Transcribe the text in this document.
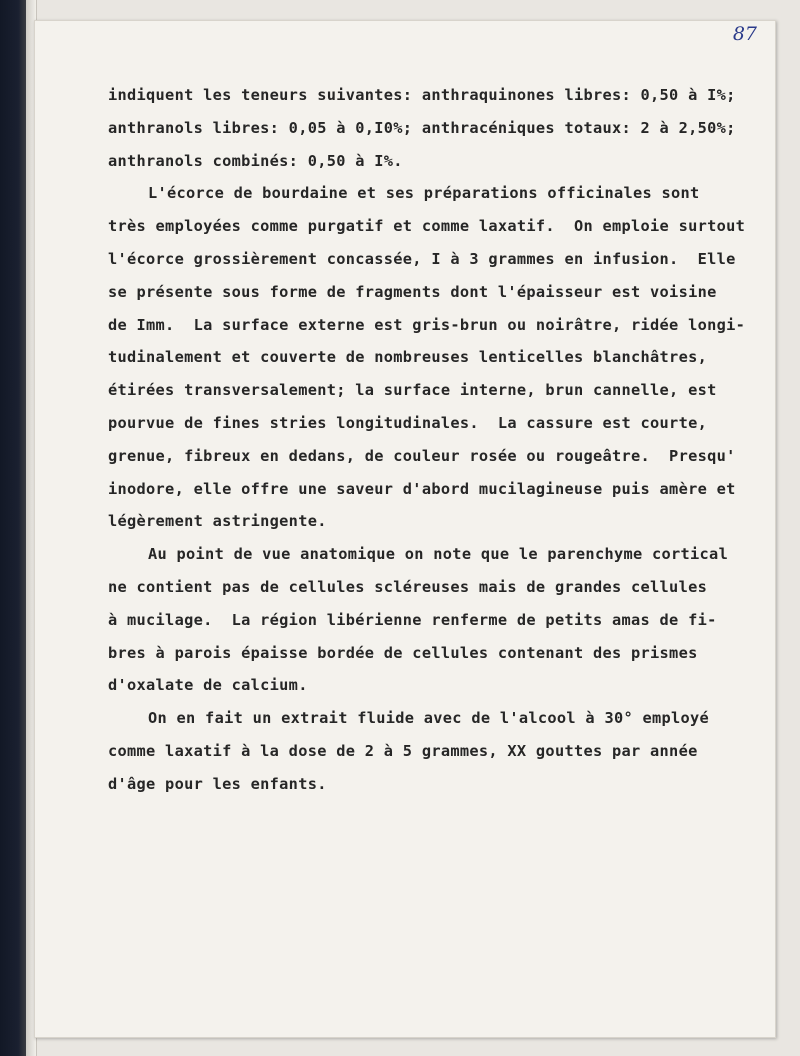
87
indiquent les teneurs suivantes: anthraquinones libres: 0,50 à I%;
anthranols libres: 0,05 à 0,I0%; anthracéniques totaux: 2 à 2,50%;
anthranols combinés: 0,50 à I%.
L'écorce de bourdaine et ses préparations officinales sont
très employées comme purgatif et comme laxatif.  On emploie surtout
l'écorce grossièrement concassée, I à 3 grammes en infusion.  Elle
se présente sous forme de fragments dont l'épaisseur est voisine
de Imm.  La surface externe est gris-brun ou noirâtre, ridée longi-
tudinalement et couverte de nombreuses lenticelles blanchâtres,
étirées transversalement; la surface interne, brun cannelle, est
pourvue de fines stries longitudinales.  La cassure est courte,
grenue, fibreux en dedans, de couleur rosée ou rougeâtre.  Presqu'
inodore, elle offre une saveur d'abord mucilagineuse puis amère et
légèrement astringente.
Au point de vue anatomique on note que le parenchyme cortical
ne contient pas de cellules scléreuses mais de grandes cellules
à mucilage.  La région libérienne renferme de petits amas de fi-
bres à parois épaisse bordée de cellules contenant des prismes
d'oxalate de calcium.
On en fait un extrait fluide avec de l'alcool à 30° employé
comme laxatif à la dose de 2 à 5 grammes, XX gouttes par année
d'âge pour les enfants.
